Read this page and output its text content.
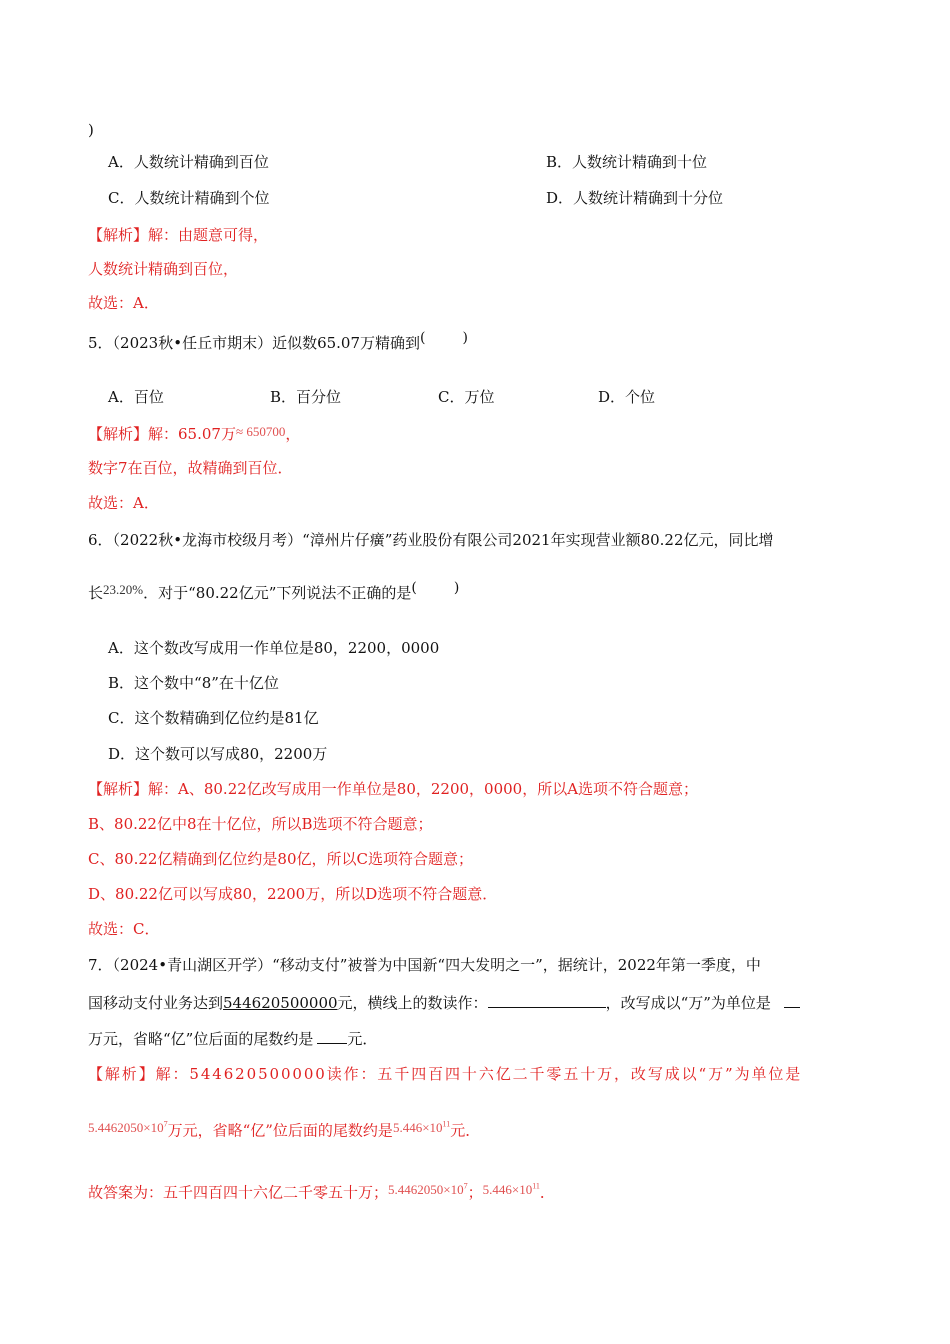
)
A．人数统计精确到百位	B．人数统计精确到十位
C．人数统计精确到个位	D．人数统计精确到十分位
【解析】解：由题意可得，
人数统计精确到百位，
故选：A．
5．（2023秋•任丘市期末）近似数65.07万精确到(	)
A．百位	B．百分位	C．万位	D．个位
【解析】解：65.07万≈ 650700，
数字7在百位，故精确到百位．
故选：A．
6．（2022秋•龙海市校级月考）“漳州片仔癀”药业股份有限公司2021年实现营业额80.22亿元，同比增
长23.20%．对于“80.22亿元”下列说法不正确的是(	)
A．这个数改写成用一作单位是80，2200，0000
B．这个数中“8”在十亿位
C．这个数精确到亿位约是81亿
D．这个数可以写成80，2200万
【解析】解：A、80.22亿改写成用一作单位是80，2200，0000，所以A选项不符合题意；
B、80.22亿中8在十亿位，所以B选项不符合题意；
C、80.22亿精确到亿位约是80亿，所以C选项符合题意；
D、80.22亿可以写成80，2200万，所以D选项不符合题意．
故选：C．
7．（2024•青山湖区开学）“移动支付”被誉为中国新“四大发明之一”，据统计，2022年第一季度，中
国移动支付业务达到544620500000元，横线上的数读作：	，改写成以“万”为单位是
万元，省略“亿”位后面的尾数约是 元．
【解析】解：544620500000读作：五千四百四十六亿二千零五十万，改写成以“万”为单位是
$5.4462050\times 10^7$万元，省略“亿”位后面的尾数约是$5.446\times 10^{11}$元．
故答案为：五千四百四十六亿二千零五十万；$5.4462050\times 10^7$；$5.446\times 10^{11}$．
